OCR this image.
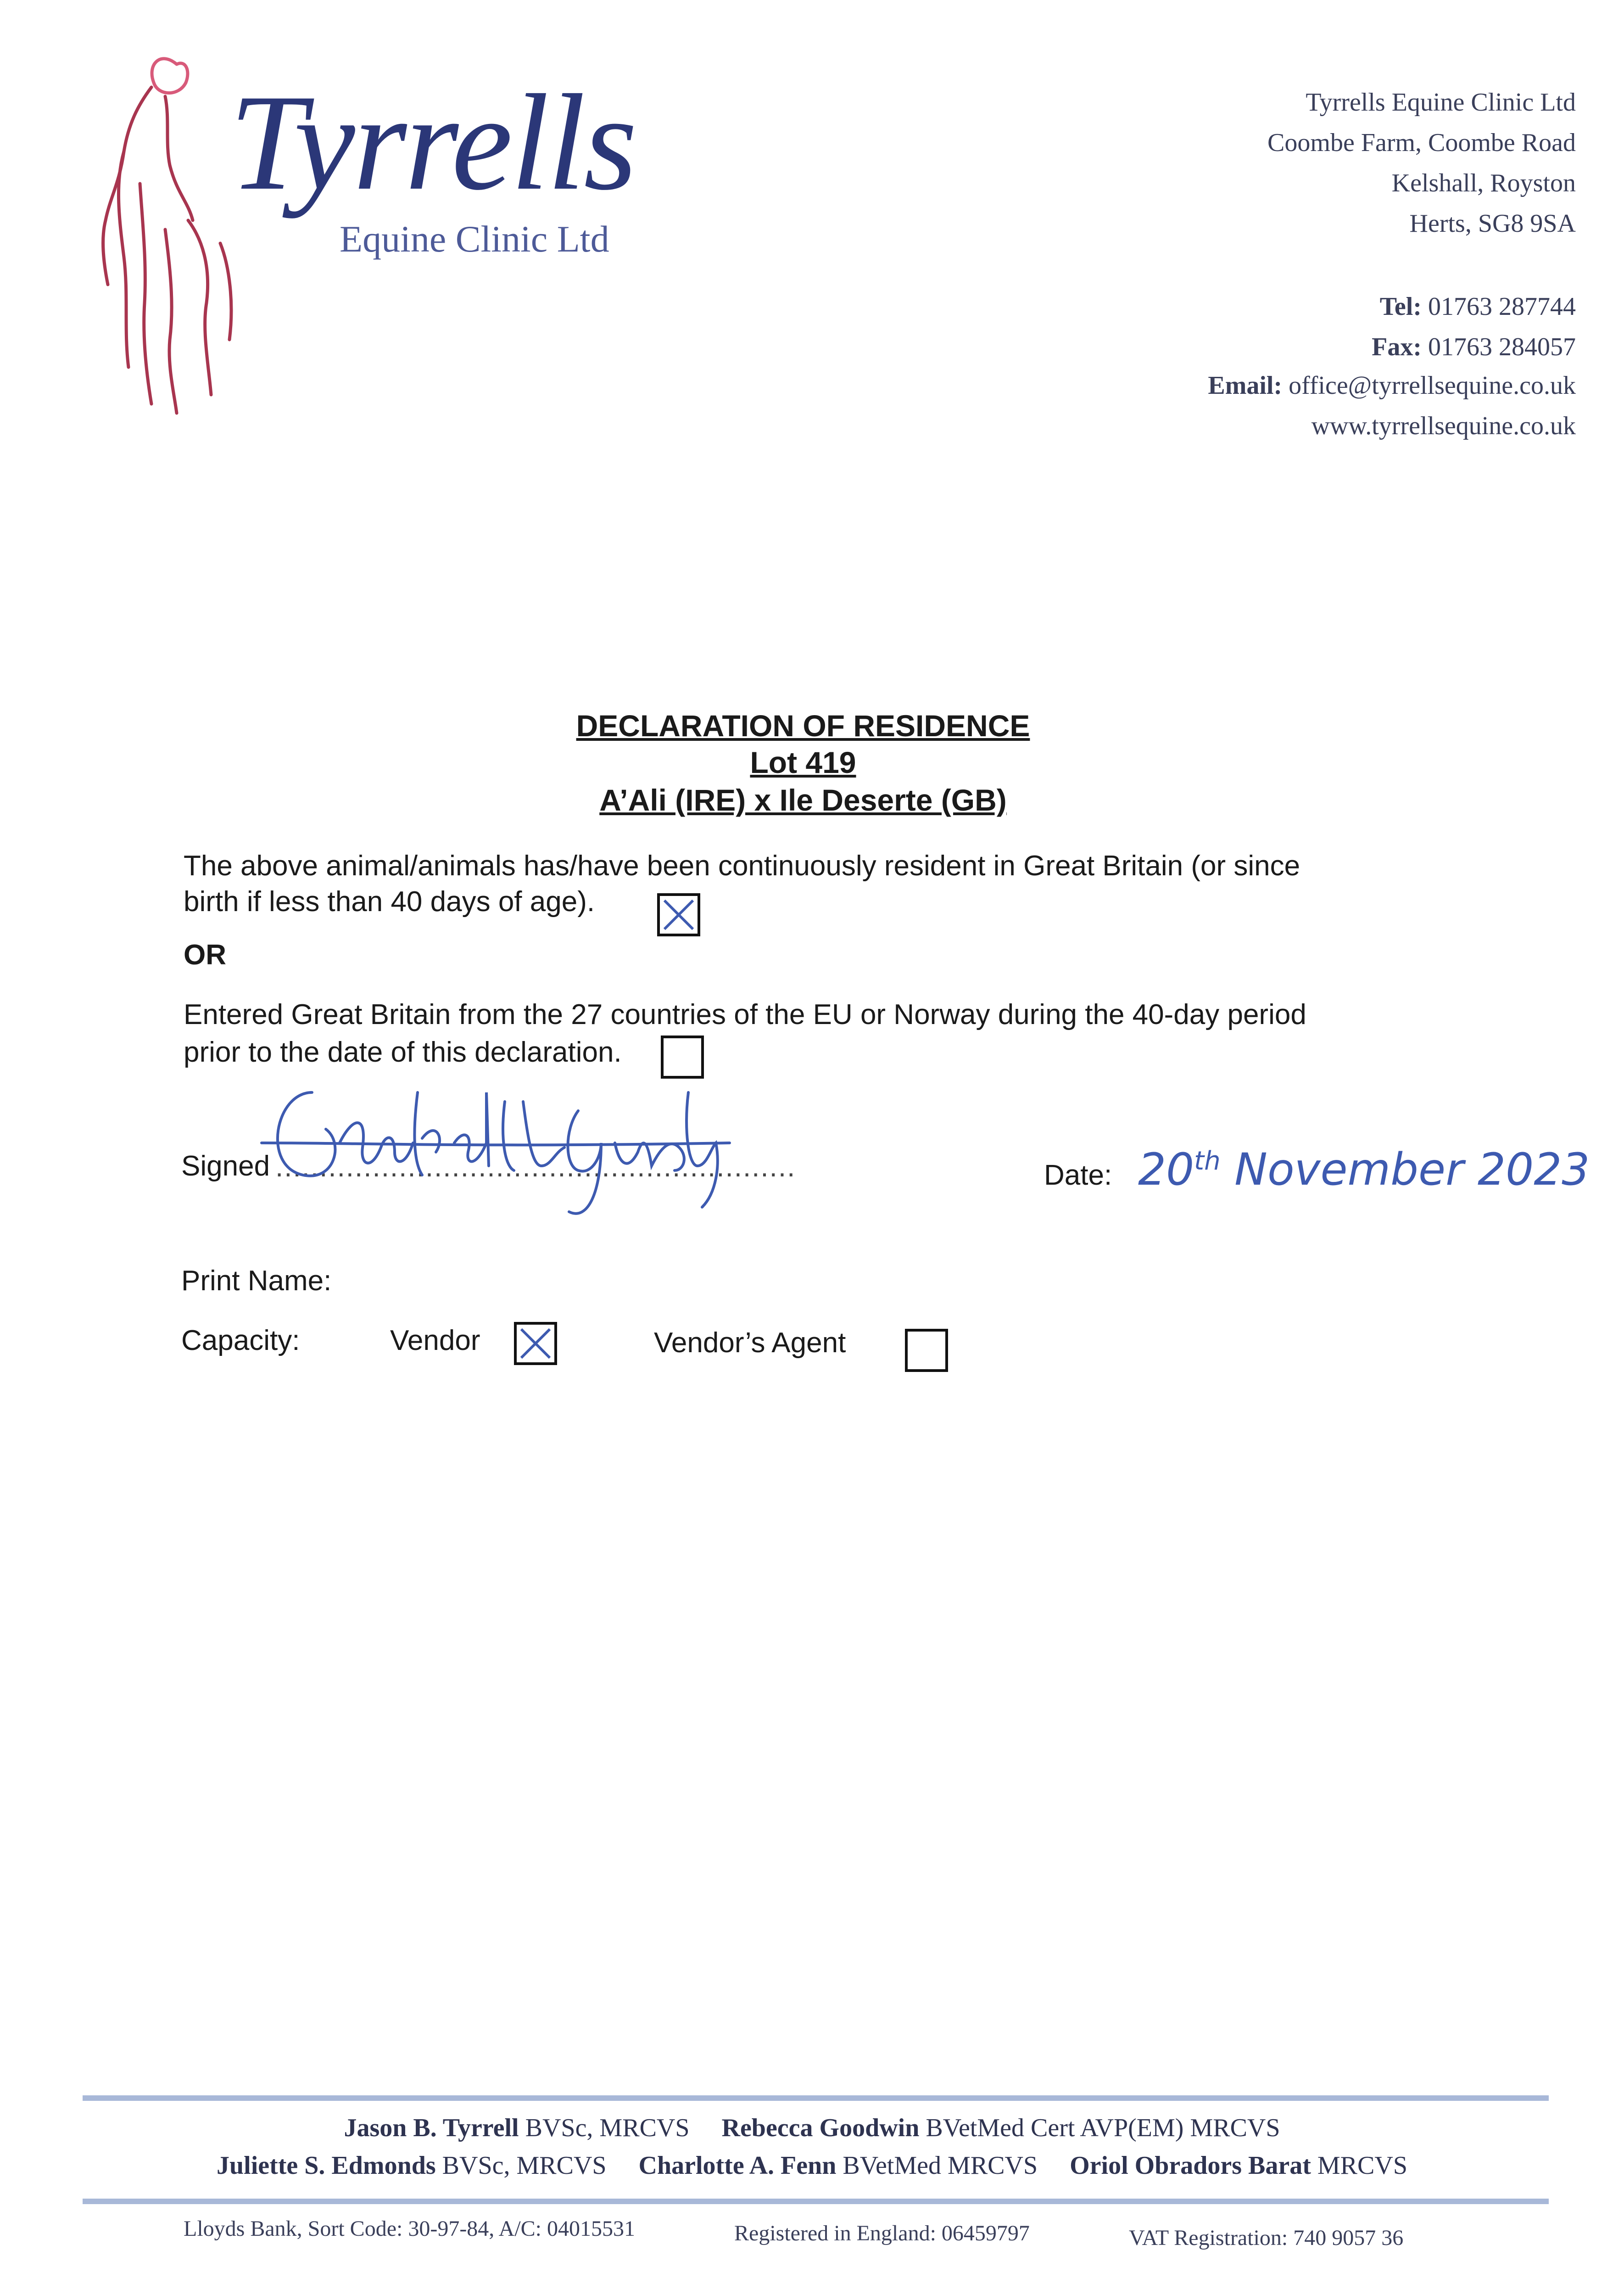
Tyrrells
Equine Clinic Ltd
Tyrrells Equine Clinic Ltd
Coombe Farm, Coombe Road
Kelshall, Royston
Herts, SG8 9SA
Tel: 01763 287744
Fax: 01763 284057
Email: office@tyrrellsequine.co.uk
www.tyrrellsequine.co.uk
DECLARATION OF RESIDENCE
Lot 419
A’Ali (IRE) x Ile Deserte (GB)
The above animal/animals has/have been continuously resident in Great Britain (or since
birth if less than 40 days of age).
OR
Entered Great Britain from the 27 countries of the EU or Norway during the 40-day period
prior to the date of this declaration.
Signed ...........................................................	Date: 20th November 2023
Print Name:
Capacity:	Vendor	Vendor’s Agent
Jason B. Tyrrell BVSc, MRCVS Rebecca Goodwin BVetMed Cert AVP(EM) MRCVS
Juliette S. Edmonds BVSc, MRCVS Charlotte A. Fenn BVetMed MRCVS Oriol Obradors Barat MRCVS
Lloyds Bank, Sort Code: 30-97-84, A/C: 04015531	Registered in England: 06459797	VAT Registration: 740 9057 36
